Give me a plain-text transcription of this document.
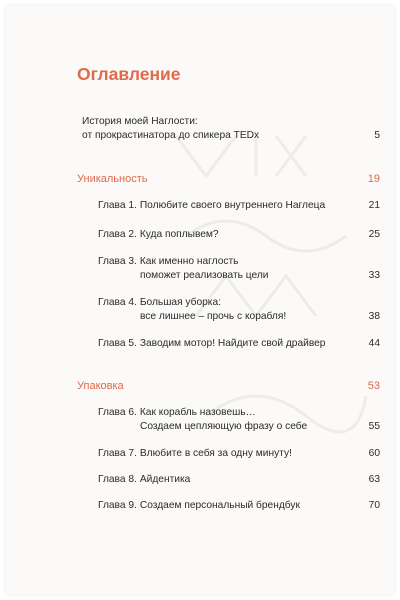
Оглавление
История моей Наглости:
от прокрастинатора до спикера TEDx	5
Уникальность	19
Глава 1. Полюбите своего внутреннего Наглеца	21
Глава 2. Куда поплывем?	25
Глава 3. Как именно наглость
поможет реализовать цели	33
Глава 4. Большая уборка:
все лишнее – прочь с корабля!	38
Глава 5. Заводим мотор! Найдите свой драйвер	44
Упаковка	53
Глава 6. Как корабль назовешь…
Создаем цепляющую фразу о себе	55
Глава 7. Влюбите в себя за одну минуту!	60
Глава 8. Айдентика	63
Глава 9. Создаем персональный брендбук	70
